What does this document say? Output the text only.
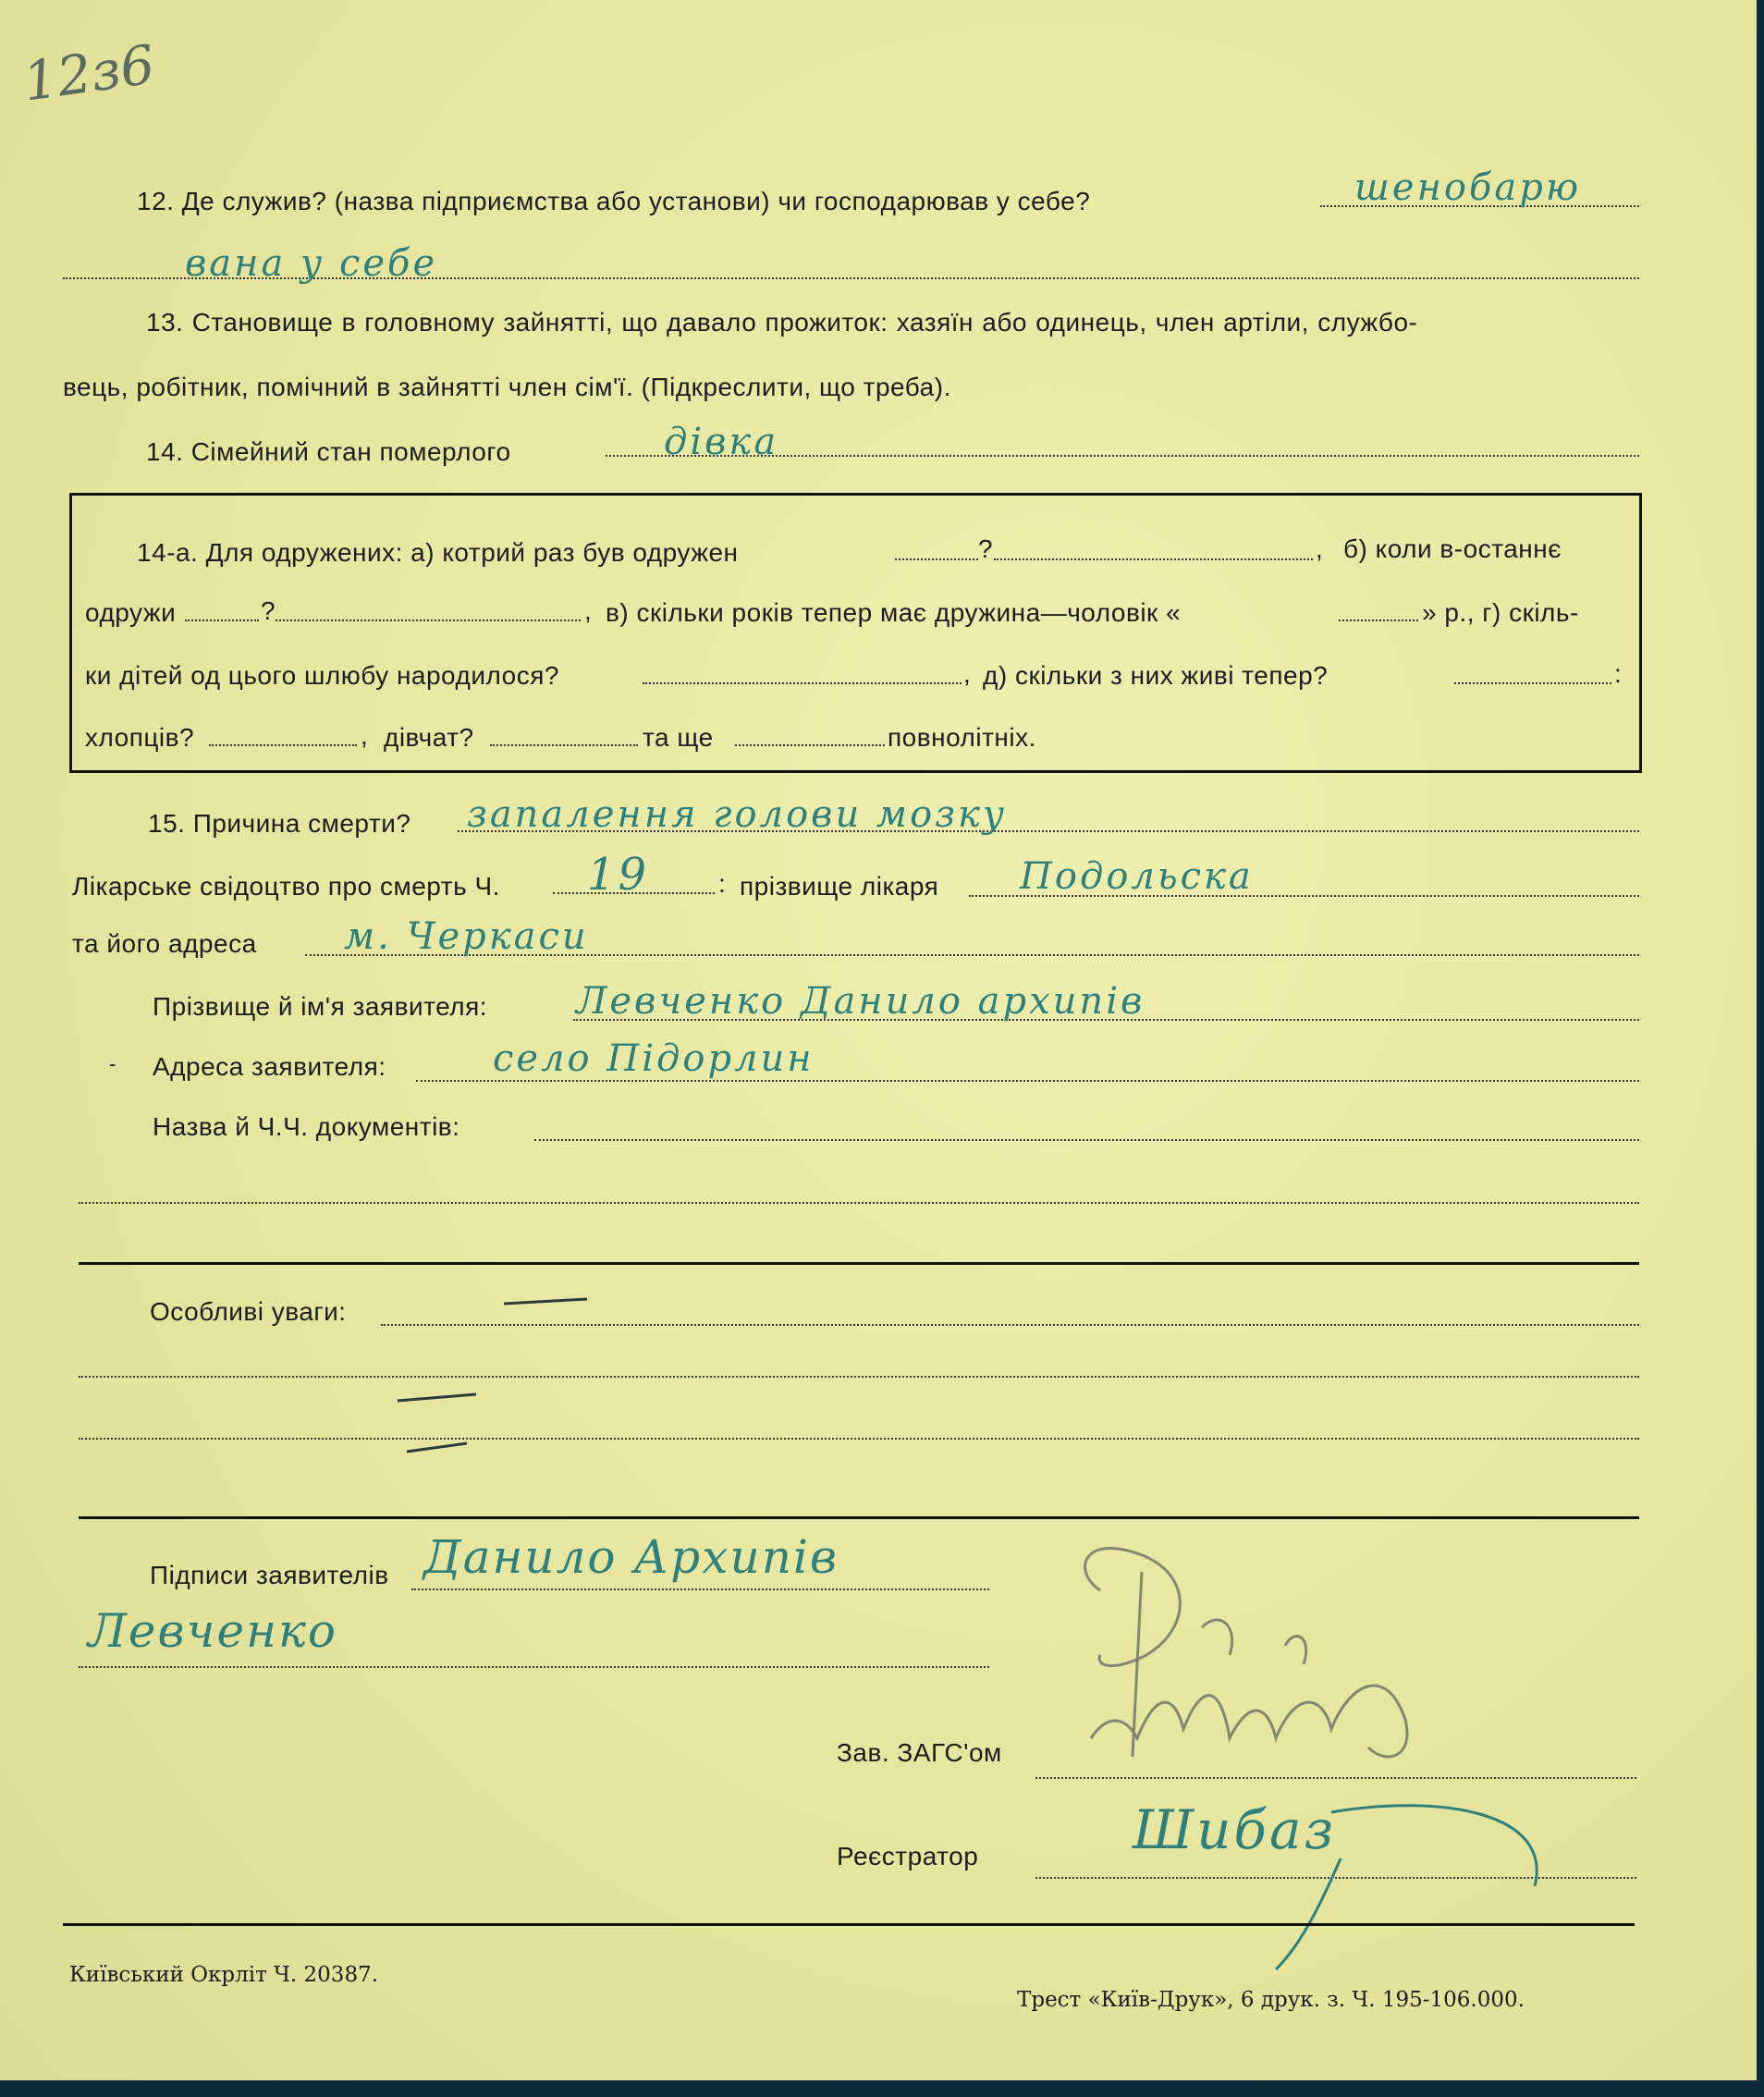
12з6
12. Де служив? (назва підприємства або установи) чи господарював у себе?	шенобарю
вана у себе
13. Становище в головному зайнятті, що давало прожиток: хазяїн або одинець, член артіли, службо-
вець, робітник, помічний в зайнятті член сім'ї. (Підкреслити, що треба).
14. Сімейний стан померлого	дівка
14-а. Для одружених: а) котрий раз був одружен	?	, б) коли в-останнє
одружи	?	, в) скільки років тепер має дружина—чоловік «	» р., г) скіль-
ки дітей од цього шлюбу народилося?	, д) скільки з них живі тепер?	:
хлопців?	, дівчат?	та ще	повнолітніх.
15. Причина смерти? запалення голови мозку
Лікарське свідоцтво про смерть Ч. 19	: прізвище лікаря Подольска
та його адреса м. Черкаси
Прізвище й ім'я заявителя: Левченко Данило архипів
- Адреса заявителя:	село Підорлин
Назва й Ч.Ч. документів:
Особливі уваги:
Підписи заявителів Данило Архипів
Левченко
Зав. ЗАГС'ом
Реєстратор	Шибаз
Київський Окрліт Ч. 20387.
Трест «Київ-Друк», 6 друк. з. Ч. 195-106.000.
